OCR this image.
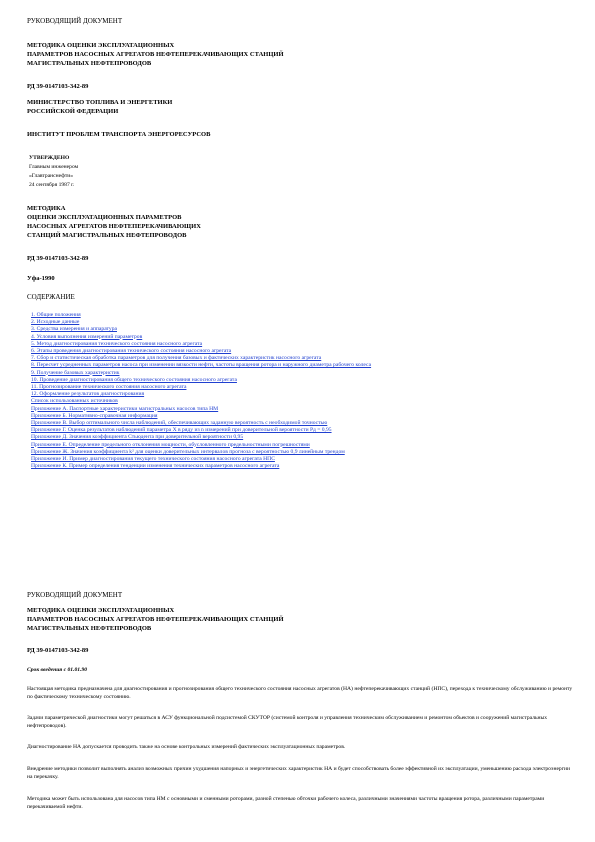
РУКОВОДЯЩИЙ ДОКУМЕНТ

МЕТОДИКА ОЦЕНКИ ЭКСПЛУАТАЦИОННЫХ

ПАРАМЕТРОВ НАСОСНЫХ АГРЕГАТОВ НЕФТЕПЕРЕКАЧИВАЮЩИХ СТАНЦИЙ

МАГИСТРАЛЬНЫХ НЕФТЕПРОВОДОВ

РД 39-0147103-342-89

МИНИСТЕРСТВО ТОПЛИВА И ЭНЕРГЕТИКИ

РОССИЙСКОЙ ФЕДЕРАЦИИ

ИНСТИТУТ ПРОБЛЕМ ТРАНСПОРТА ЭНЕРГОРЕСУРСОВ

УТВЕРЖДЕНО

Главным инженером

«Главтранснефти»

24 сентября 1987 г.

МЕТОДИКА

ОЦЕНКИ ЭКСПЛУАТАЦИОННЫХ ПАРАМЕТРОВ

НАСОСНЫХ АГРЕГАТОВ НЕФТЕПЕРЕКАЧИВАЮЩИХ

СТАНЦИЙ МАГИСТРАЛЬНЫХ НЕФТЕПРОВОДОВ

РД 39-0147103-342-89

Уфа-1990

СОДЕРЖАНИЕ

1. Общие положения
2. Исходные данные
3. Средства измерения и аппаратура
4. Условия выполнения измерений параметров
5. Метод диагностирования технического состояния насосного агрегата
6. Этапы проведения диагностирования технического состояния насосного агрегата
7. Сбор и статистическая обработка параметров для получения базовых и фактических характеристик насосного агрегата
8. Пересчет усредненных параметров насоса при изменении вязкости нефти, частоты вращения ротора и наружного диаметра рабочего колеса
9. Получение базовых характеристик
10. Проведение диагностирования общего технического состояния насосного агрегата
11. Прогнозирование технического состояния насосного агрегата
12. Оформление результатов диагностирования
Список использованных источников
Приложение А. Паспортные характеристики магистральных насосов типа НМ
Приложение Б. Нормативно-справочная информация
Приложение В. Выбор оптимального числа наблюдений, обеспечивающих заданную вероятность с необходимой точностью
Приложение Г. Оценка результатов наблюдений параметра X в ряду из n измерений при доверительной вероятности Рд = 0,95
Приложение Д. Значения коэффициента Стьюдента при доверительной вероятности 0,95
Приложение Е. Определение предельного отклонения мощности, обусловленного предельностными погрешностями
Приложение Ж. Значения коэффициента k² для оценки доверительных интервалов прогноза с вероятностью 0,9 линейным трендом
Приложение И. Пример диагностирования текущего технического состояния насосного агрегата НПС
Приложение К. Пример определения тенденции изменения технических параметров насосного агрегата

РУКОВОДЯЩИЙ ДОКУМЕНТ

МЕТОДИКА ОЦЕНКИ ЭКСПЛУАТАЦИОННЫХ

ПАРАМЕТРОВ НАСОСНЫХ АГРЕГАТОВ НЕФТЕПЕРЕКАЧИВАЮЩИХ СТАНЦИЙ

МАГИСТРАЛЬНЫХ НЕФТЕПРОВОДОВ

РД 39-0147103-342-89

Срок введения с 01.01.90

Настоящая методика предназначена для диагностирования и прогнозирования общего технического состояния насосных агрегатов (НА) нефтеперекачивающих станций (НПС), перехода к техническому обслуживанию и ремонту по фактическому техническому состоянию.

Задачи параметрической диагностики могут решаться в АСУ функциональной подсистемой СКУТОР (системой контроля и управления техническим обслуживанием и ремонтом объектов и сооружений магистральных нефтепроводов).

Диагностирование НА допускается проводить также на основе контрольных измерений фактических эксплуатационных параметров.

Внедрение методики позволит выполнять анализ возможных причин ухудшения напорных и энергетических характеристик НА и будет способствовать более эффективной их эксплуатации, уменьшению расхода электроэнергии на перекачку.

Методика может быть использована для насосов типа НМ с основными и сменными роторами, разной степенью обточки рабочего колеса, различными значениями частоты вращения ротора, различными параметрами перекачиваемой нефти.
